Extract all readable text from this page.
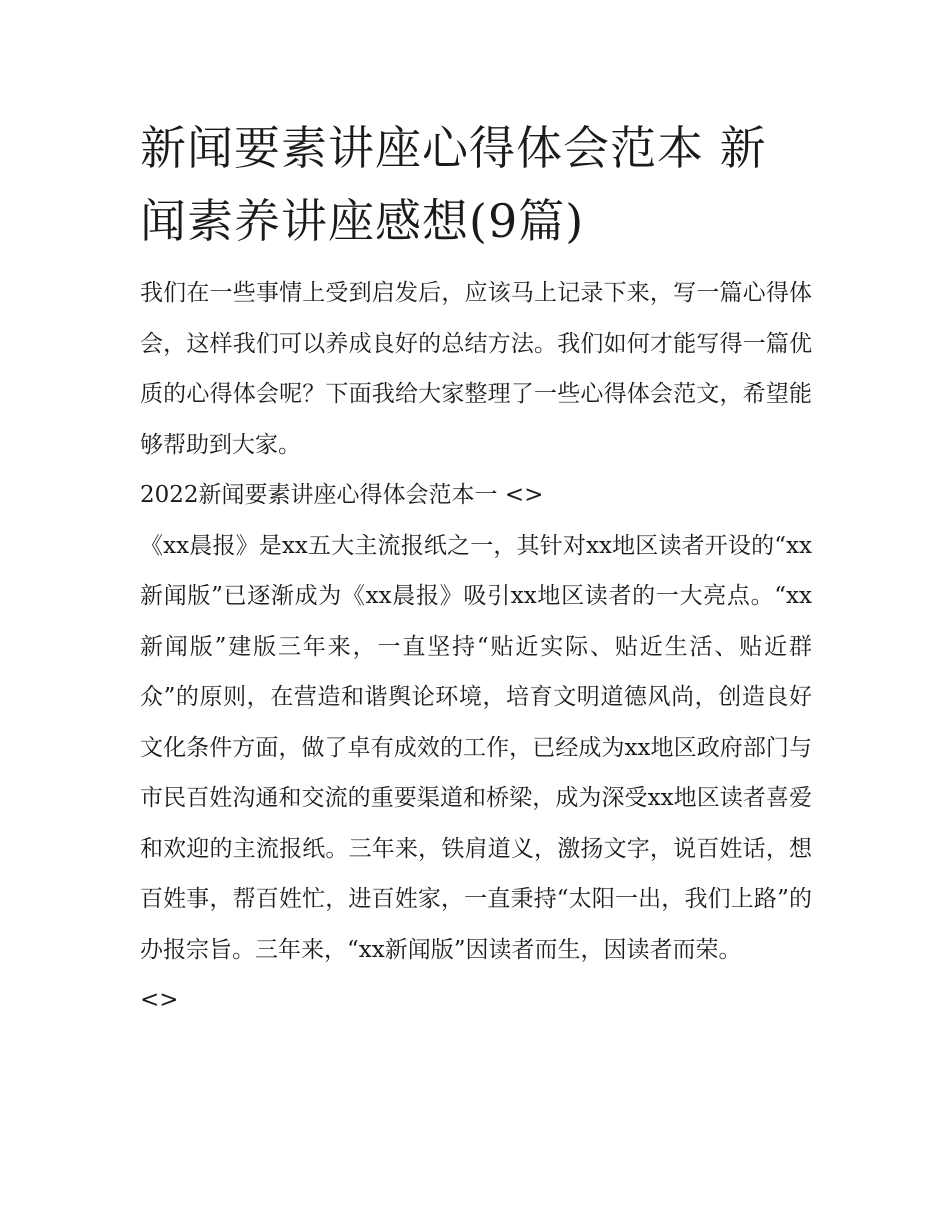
新闻要素讲座心得体会范本 新闻素养讲座感想(9篇)

我们在一些事情上受到启发后，应该马上记录下来，写一篇心得体会，这样我们可以养成良好的总结方法。我们如何才能写得一篇优质的心得体会呢？下面我给大家整理了一些心得体会范文，希望能够帮助到大家。

2022新闻要素讲座心得体会范本一 <>

《xx晨报》是xx五大主流报纸之一，其针对xx地区读者开设的“xx新闻版”已逐渐成为《xx晨报》吸引xx地区读者的一大亮点。“xx新闻版”建版三年来，一直坚持“贴近实际、贴近生活、贴近群众”的原则，在营造和谐舆论环境，培育文明道德风尚，创造良好文化条件方面，做了卓有成效的工作，已经成为xx地区政府部门与市民百姓沟通和交流的重要渠道和桥梁，成为深受xx地区读者喜爱和欢迎的主流报纸。三年来，铁肩道义，激扬文字，说百姓话，想百姓事，帮百姓忙，进百姓家，一直秉持“太阳一出，我们上路”的办报宗旨。三年来，“xx新闻版”因读者而生，因读者而荣。

<>
